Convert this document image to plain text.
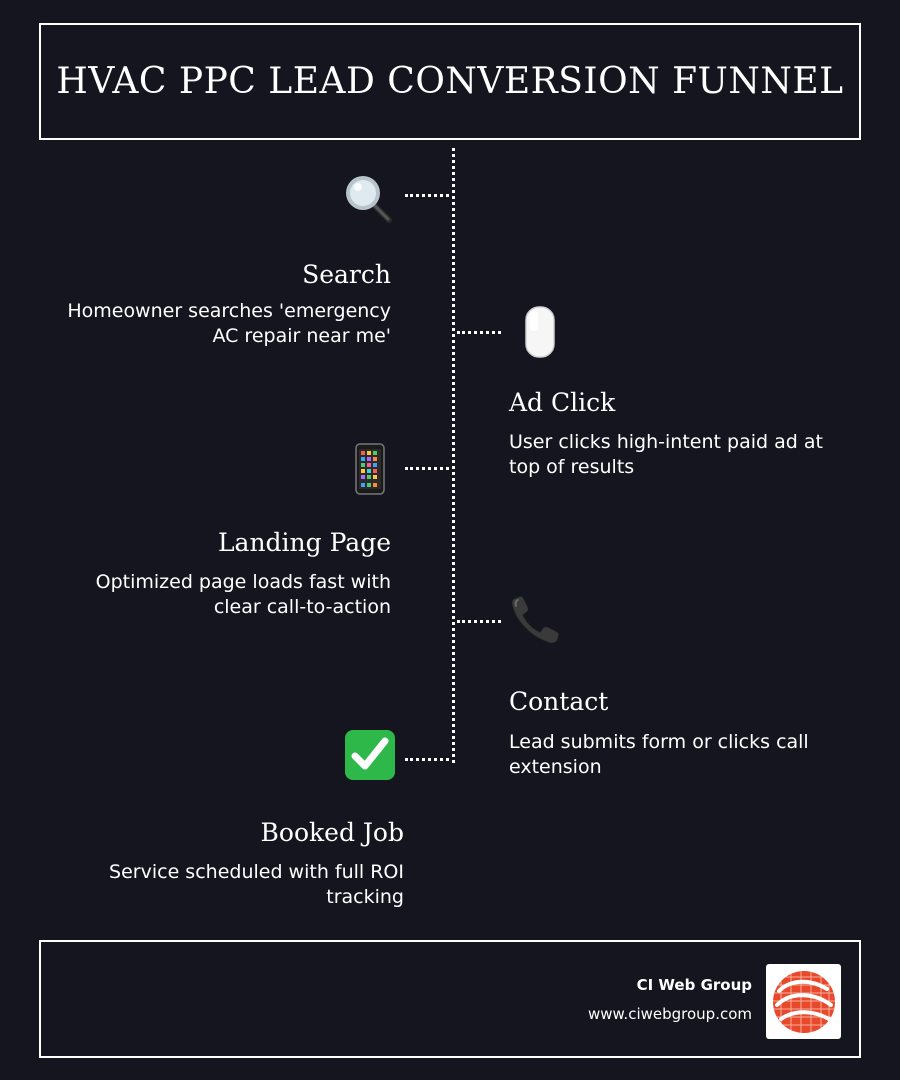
HVAC PPC LEAD CONVERSION FUNNEL
Search
Homeowner searches 'emergency AC repair near me'
Ad Click
User clicks high-intent paid ad at top of results
Landing Page
Optimized page loads fast with clear call-to-action
Contact
Lead submits form or clicks call extension
Booked Job
Service scheduled with full ROI tracking
CI Web Group
www.ciwebgroup.com
